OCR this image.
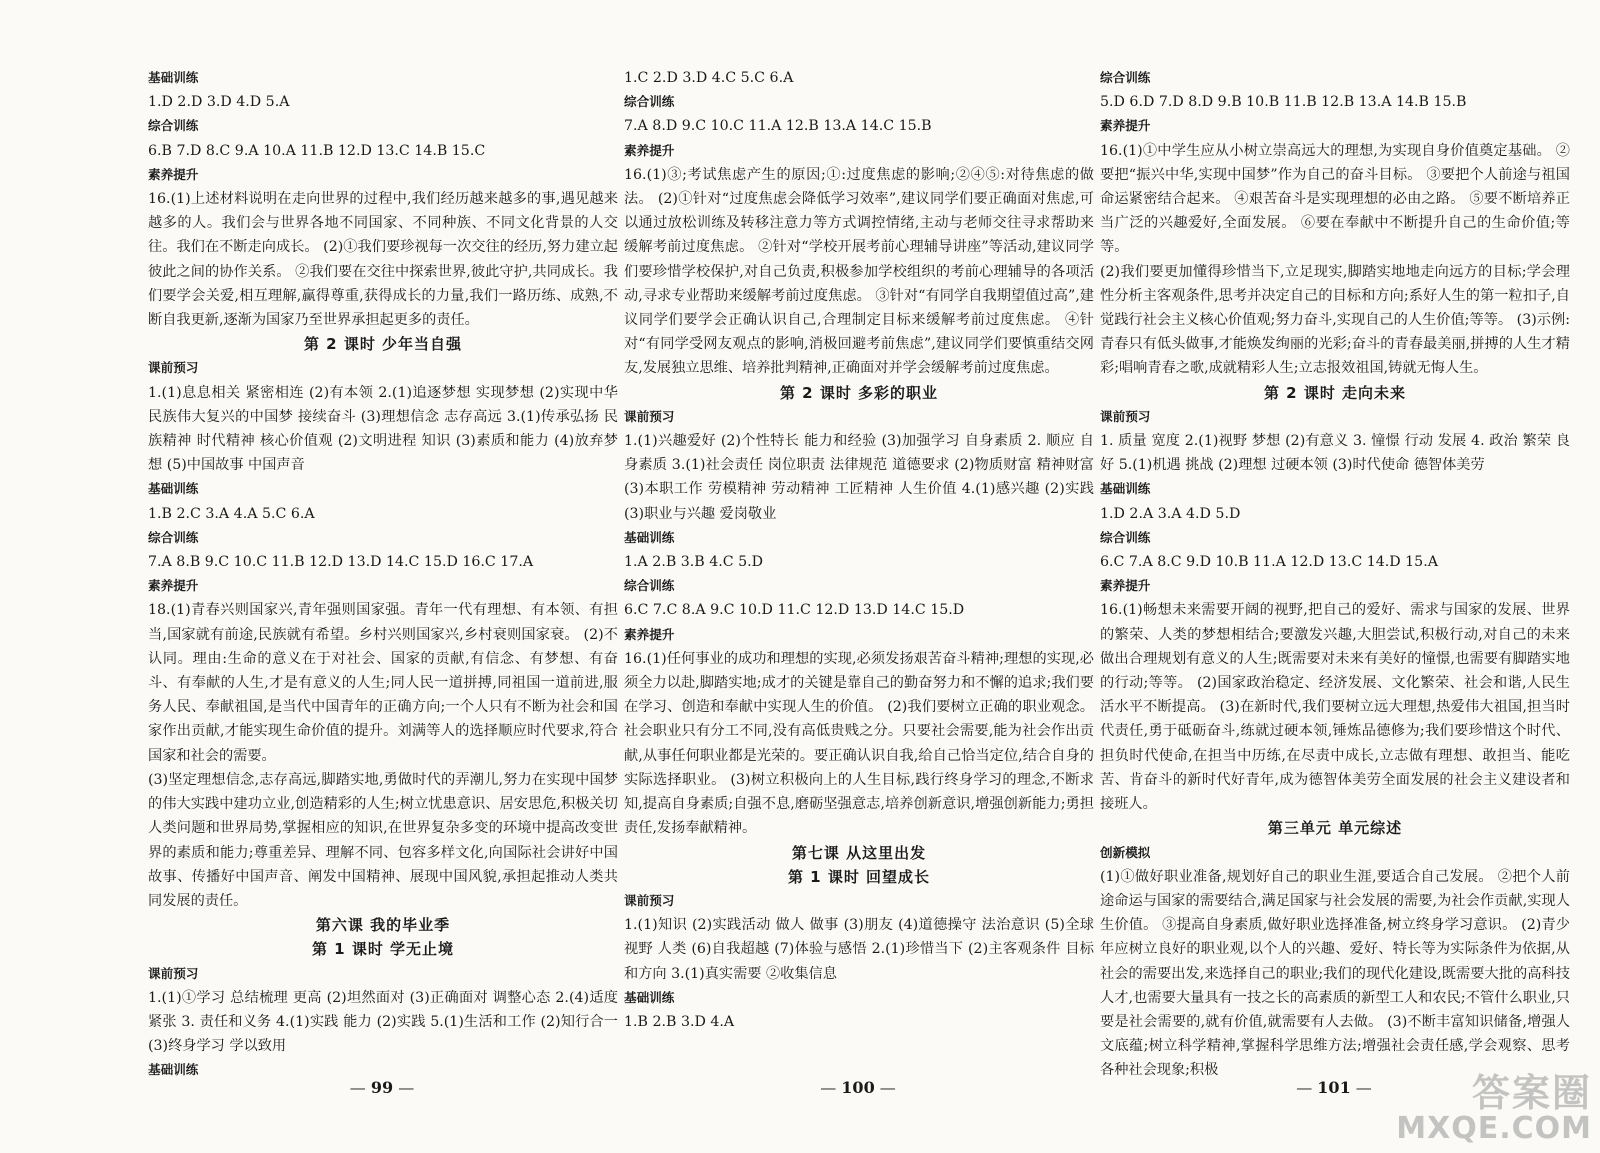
基础训练
1.D 2.D 3.D 4.D 5.A
综合训练
6.B 7.D 8.C 9.A 10.A 11.B 12.D 13.C 14.B 15.C
素养提升
16.(1)上述材料说明在走向世界的过程中,我们经历越来越多的事,遇见越来越多的人。我们会与世界各地不同国家、不同种族、不同文化背景的人交往。我们在不断走向成长。 (2)①我们要珍视每一次交往的经历,努力建立起彼此之间的协作关系。 ②我们要在交往中探索世界,彼此守护,共同成长。我们要学会关爱,相互理解,赢得尊重,获得成长的力量,我们一路历练、成熟,不断自我更新,逐渐为国家乃至世界承担起更多的责任。
第 2 课时 少年当自强
课前预习
1.(1)息息相关 紧密相连 (2)有本领 2.(1)追逐梦想 实现梦想 (2)实现中华民族伟大复兴的中国梦 接续奋斗 (3)理想信念 志存高远 3.(1)传承弘扬 民族精神 时代精神 核心价值观 (2)文明进程 知识 (3)素质和能力 (4)放弃梦想 (5)中国故事 中国声音
基础训练
1.B 2.C 3.A 4.A 5.C 6.A
综合训练
7.A 8.B 9.C 10.C 11.B 12.D 13.D 14.C 15.D 16.C 17.A
素养提升
18.(1)青春兴则国家兴,青年强则国家强。青年一代有理想、有本领、有担当,国家就有前途,民族就有希望。乡村兴则国家兴,乡村衰则国家衰。 (2)不认同。理由:生命的意义在于对社会、国家的贡献,有信念、有梦想、有奋斗、有奉献的人生,才是有意义的人生;同人民一道拼搏,同祖国一道前进,服务人民、奉献祖国,是当代中国青年的正确方向;一个人只有不断为社会和国家作出贡献,才能实现生命价值的提升。刘满等人的选择顺应时代要求,符合国家和社会的需要。
(3)坚定理想信念,志存高远,脚踏实地,勇做时代的弄潮儿,努力在实现中国梦的伟大实践中建功立业,创造精彩的人生;树立忧患意识、居安思危,积极关切人类问题和世界局势,掌握相应的知识,在世界复杂多变的环境中提高改变世界的素质和能力;尊重差异、理解不同、包容多样文化,向国际社会讲好中国故事、传播好中国声音、阐发中国精神、展现中国风貌,承担起推动人类共同发展的责任。
第六课 我的毕业季
第 1 课时 学无止境
课前预习
1.(1)①学习 总结梳理 更高 (2)坦然面对 (3)正确面对 调整心态 2.(4)适度紧张 3. 责任和义务 4.(1)实践 能力 (2)实践 5.(1)生活和工作 (2)知行合一 (3)终身学习 学以致用
基础训练
1.C 2.D 3.D 4.C 5.C 6.A
综合训练
7.A 8.D 9.C 10.C 11.A 12.B 13.A 14.C 15.B
素养提升
16.(1)③;考试焦虑产生的原因;①:过度焦虑的影响;②④⑤:对待焦虑的做法。 (2)①针对“过度焦虑会降低学习效率”,建议同学们要正确面对焦虑,可以通过放松训练及转移注意力等方式调控情绪,主动与老师交往寻求帮助来缓解考前过度焦虑。 ②针对“学校开展考前心理辅导讲座”等活动,建议同学们要珍惜学校保护,对自己负责,积极参加学校组织的考前心理辅导的各项活动,寻求专业帮助来缓解考前过度焦虑。 ③针对“有同学自我期望值过高”,建议同学们要学会正确认识自己,合理制定目标来缓解考前过度焦虑。 ④针对“有同学受网友观点的影响,消极回避考前焦虑”,建议同学们要慎重结交网友,发展独立思维、培养批判精神,正确面对并学会缓解考前过度焦虑。
第 2 课时 多彩的职业
课前预习
1.(1)兴趣爱好 (2)个性特长 能力和经验 (3)加强学习 自身素质 2. 顺应 自身素质 3.(1)社会责任 岗位职责 法律规范 道德要求 (2)物质财富 精神财富 (3)本职工作 劳模精神 劳动精神 工匠精神 人生价值 4.(1)感兴趣 (2)实践 (3)职业与兴趣 爱岗敬业
基础训练
1.A 2.B 3.B 4.C 5.D
综合训练
6.C 7.C 8.A 9.C 10.D 11.C 12.D 13.D 14.C 15.D
素养提升
16.(1)任何事业的成功和理想的实现,必须发扬艰苦奋斗精神;理想的实现,必须全力以赴,脚踏实地;成才的关键是靠自己的勤奋努力和不懈的追求;我们要在学习、创造和奉献中实现人生的价值。 (2)我们要树立正确的职业观念。社会职业只有分工不同,没有高低贵贱之分。只要社会需要,能为社会作出贡献,从事任何职业都是光荣的。要正确认识自我,给自己恰当定位,结合自身的实际选择职业。 (3)树立积极向上的人生目标,践行终身学习的理念,不断求知,提高自身素质;自强不息,磨砺坚强意志,培养创新意识,增强创新能力;勇担责任,发扬奉献精神。
第七课 从这里出发
第 1 课时 回望成长
课前预习
1.(1)知识 (2)实践活动 做人 做事 (3)朋友 (4)道德操守 法治意识 (5)全球视野 人类 (6)自我超越 (7)体验与感悟 2.(1)珍惜当下 (2)主客观条件 目标和方向 3.(1)真实需要 ②收集信息
基础训练
1.B 2.B 3.D 4.A
综合训练
5.D 6.D 7.D 8.D 9.B 10.B 11.B 12.B 13.A 14.B 15.B
素养提升
16.(1)①中学生应从小树立崇高远大的理想,为实现自身价值奠定基础。 ②要把“振兴中华,实现中国梦”作为自己的奋斗目标。 ③要把个人前途与祖国命运紧密结合起来。 ④艰苦奋斗是实现理想的必由之路。 ⑤要不断培养正当广泛的兴趣爱好,全面发展。 ⑥要在奉献中不断提升自己的生命价值;等等。
(2)我们要更加懂得珍惜当下,立足现实,脚踏实地地走向远方的目标;学会理性分析主客观条件,思考并决定自己的目标和方向;系好人生的第一粒扣子,自觉践行社会主义核心价值观;努力奋斗,实现自己的人生价值;等等。 (3)示例:青春只有低头做事,才能焕发绚丽的光彩;奋斗的青春最美丽,拼搏的人生才精彩;唱响青春之歌,成就精彩人生;立志报效祖国,铸就无悔人生。
第 2 课时 走向未来
课前预习
1. 质量 宽度 2.(1)视野 梦想 (2)有意义 3. 憧憬 行动 发展 4. 政治 繁荣 良好 5.(1)机遇 挑战 (2)理想 过硬本领 (3)时代使命 德智体美劳
基础训练
1.D 2.A 3.A 4.D 5.D
综合训练
6.C 7.A 8.C 9.D 10.B 11.A 12.D 13.C 14.D 15.A
素养提升
16.(1)畅想未来需要开阔的视野,把自己的爱好、需求与国家的发展、世界的繁荣、人类的梦想相结合;要激发兴趣,大胆尝试,积极行动,对自己的未来做出合理规划有意义的人生;既需要对未来有美好的憧憬,也需要有脚踏实地的行动;等等。 (2)国家政治稳定、经济发展、文化繁荣、社会和谐,人民生活水平不断提高。 (3)在新时代,我们要树立远大理想,热爱伟大祖国,担当时代责任,勇于砥砺奋斗,练就过硬本领,锤炼品德修为;我们要珍惜这个时代、担负时代使命,在担当中历练,在尽责中成长,立志做有理想、敢担当、能吃苦、肯奋斗的新时代好青年,成为德智体美劳全面发展的社会主义建设者和接班人。
第三单元 单元综述
创新模拟
(1)①做好职业准备,规划好自己的职业生涯,要适合自己发展。 ②把个人前途命运与国家的需要结合,满足国家与社会发展的需要,为社会作贡献,实现人生价值。 ③提高自身素质,做好职业选择准备,树立终身学习意识。 (2)青少年应树立良好的职业观,以个人的兴趣、爱好、特长等为实际条件为依据,从社会的需要出发,来选择自己的职业;我们的现代化建设,既需要大批的高科技人才,也需要大量具有一技之长的高素质的新型工人和农民;不管什么职业,只要是社会需要的,就有价值,就需要有人去做。 (3)不断丰富知识储备,增强人文底蕴;树立科学精神,掌握科学思维方法;增强社会责任感,学会观察、思考各种社会现象;积极
— 99 —	— 100 —	— 101 —	答案圈
MXQE.COM
